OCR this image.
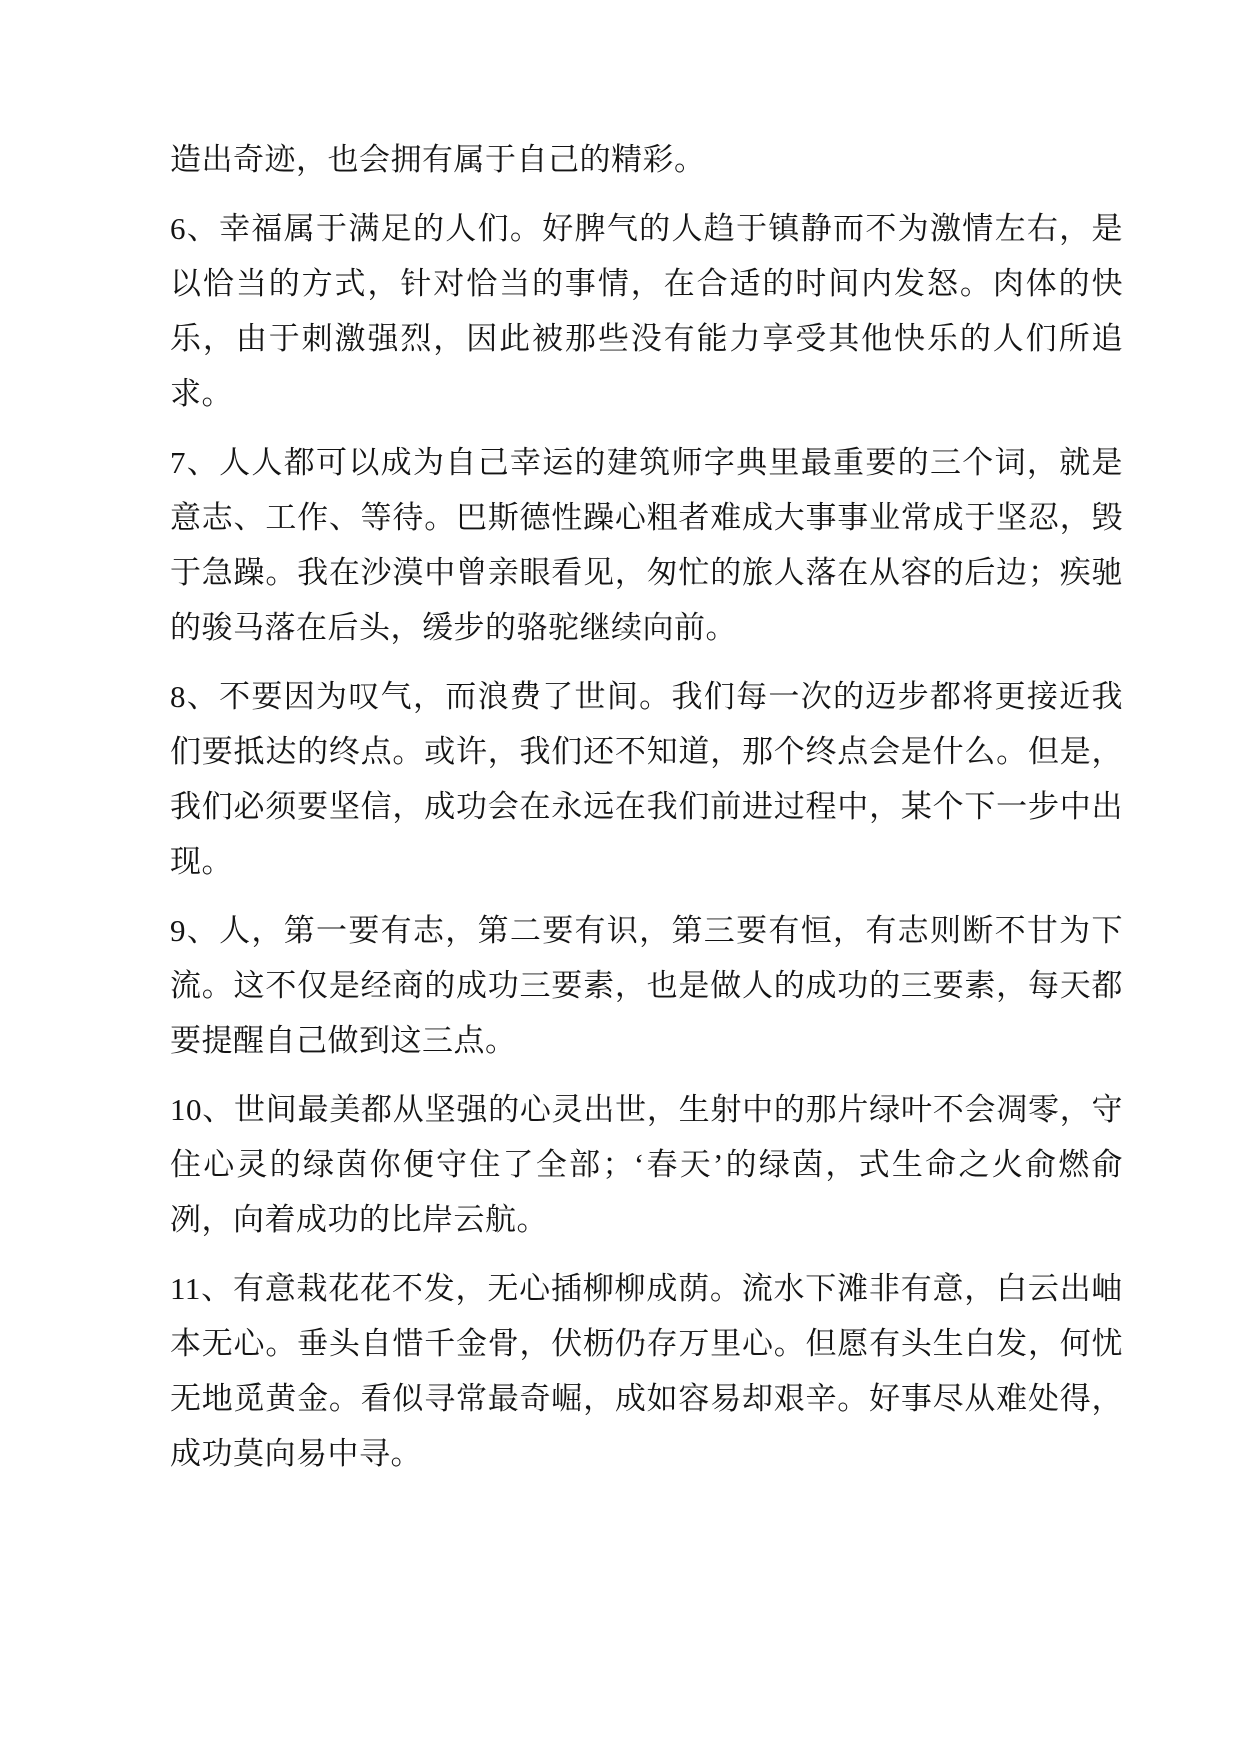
造出奇迹，也会拥有属于自己的精彩。

6、幸福属于满足的人们。好脾气的人趋于镇静而不为激情左右，是以恰当的方式，针对恰当的事情，在合适的时间内发怒。肉体的快乐，由于刺激强烈，因此被那些没有能力享受其他快乐的人们所追求。

7、人人都可以成为自己幸运的建筑师字典里最重要的三个词，就是意志、工作、等待。巴斯德性躁心粗者难成大事事业常成于坚忍，毁于急躁。我在沙漠中曾亲眼看见，匆忙的旅人落在从容的后边；疾驰的骏马落在后头，缓步的骆驼继续向前。

8、不要因为叹气，而浪费了世间。我们每一次的迈步都将更接近我们要抵达的终点。或许，我们还不知道，那个终点会是什么。但是，我们必须要坚信，成功会在永远在我们前进过程中，某个下一步中出现。

9、人，第一要有志，第二要有识，第三要有恒，有志则断不甘为下流。这不仅是经商的成功三要素，也是做人的成功的三要素，每天都要提醒自己做到这三点。

10、世间最美都从坚强的心灵出世，生射中的那片绿叶不会凋零，守住心灵的绿茵你便守住了全部；‘春天’的绿茵，式生命之火俞燃俞冽，向着成功的比岸云航。

11、有意栽花花不发，无心插柳柳成荫。流水下滩非有意，白云出岫本无心。垂头自惜千金骨，伏枥仍存万里心。但愿有头生白发，何忧无地觅黄金。看似寻常最奇崛，成如容易却艰辛。好事尽从难处得，成功莫向易中寻。
